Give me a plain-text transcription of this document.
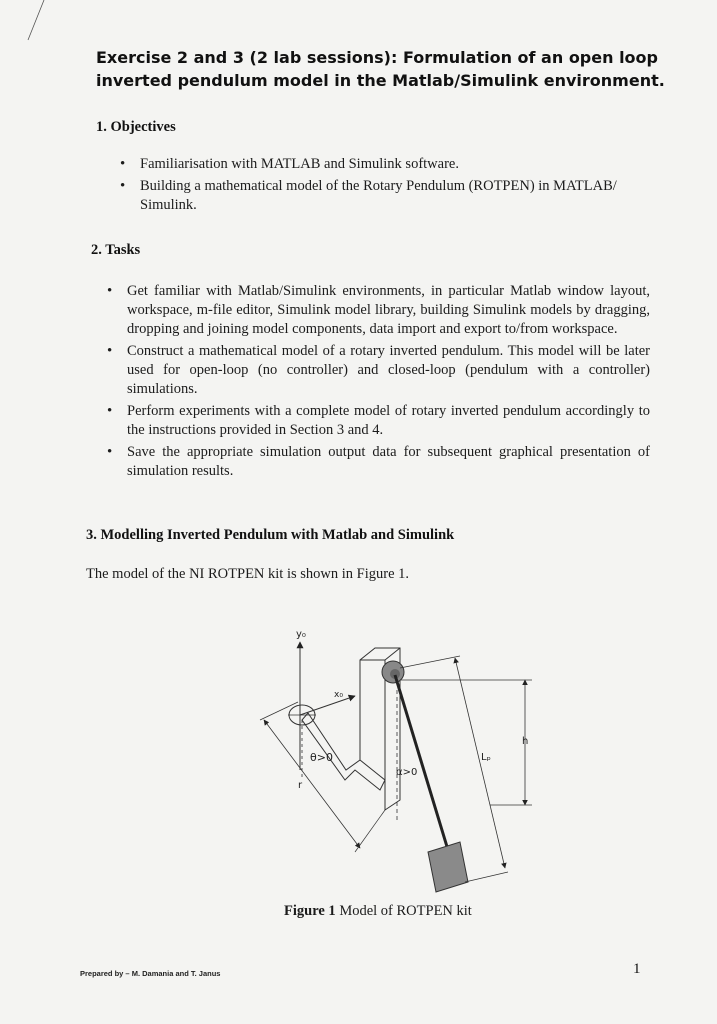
Exercise 2 and 3 (2 lab sessions): Formulation of an open loop
inverted pendulum model in the Matlab/Simulink environment.
1. Objectives
• Familiarisation with MATLAB and Simulink software.
• Building a mathematical model of the Rotary Pendulum (ROTPEN) in MATLAB/ Simulink.
2. Tasks
• Get familiar with Matlab/Simulink environments, in particular Matlab window layout, workspace, m-file editor, Simulink model library, building Simulink models by dragging, dropping and joining model components, data import and export to/from workspace.
• Construct a mathematical model of a rotary inverted pendulum. This model will be later used for open-loop (no controller) and closed-loop (pendulum with a controller) simulations.
• Perform experiments with a complete model of rotary inverted pendulum accordingly to the instructions provided in Section 3 and 4.
• Save the appropriate simulation output data for subsequent graphical presentation of simulation results.
3. Modelling Inverted Pendulum with Matlab and Simulink
The model of the NI ROTPEN kit is shown in Figure 1.
y₀
x₀
α>0
θ>0
r
Lₚ
h
Figure 1 Model of ROTPEN kit
Prepared by – M. Damania and T. Janus	1
